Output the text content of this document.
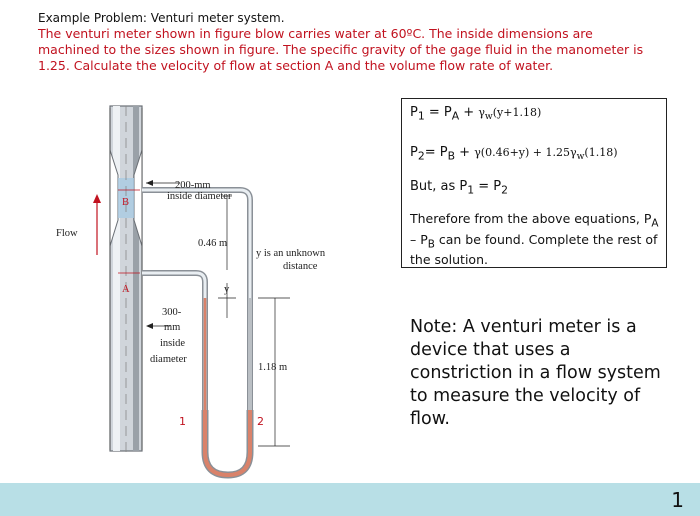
Example Problem: Venturi meter system.
The venturi meter shown in figure blow carries water at 60ºC. The inside dimensions are machined to the sizes shown in figure. The specific gravity of the gage fluid in the manometer is 1.25. Calculate the velocity of flow at section A and the volume flow rate of water.
Flow
200-mm
inside diameter
0.46 m
y is an unknown
distance
y
300-
mm
inside
diameter
1.18 m
A
B
1	2
$P_1 = P_A + \gamma_w(y+1.18)$
$P_2= P_B + \gamma(0.46+y) + 1.25\gamma_w(1.18)$
But, as $P_1 = P_2$
Therefore from the above equations, $P_A - P_B$ can be found. Complete the rest of the solution.
Note: A venturi meter is a device that uses a constriction in a flow system to measure the velocity of flow.
1
